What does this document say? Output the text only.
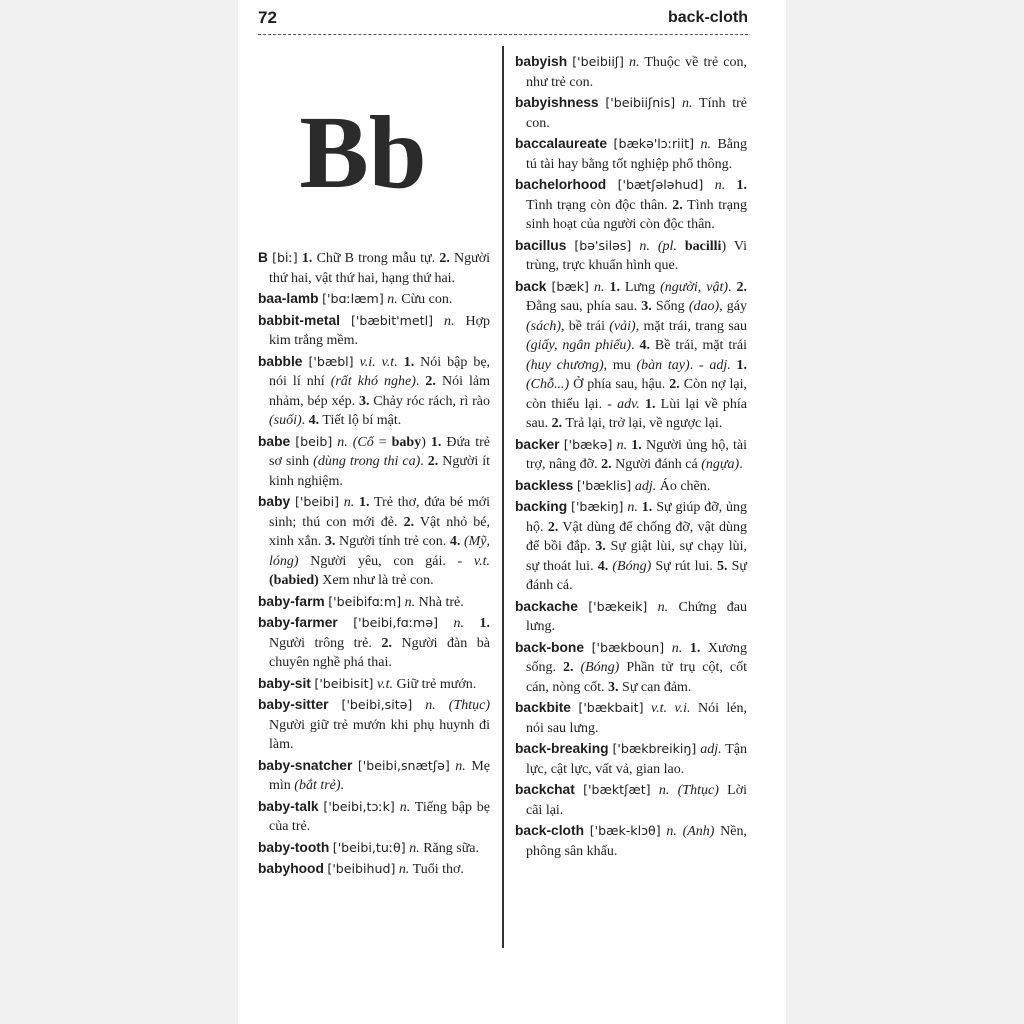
72	back-cloth
Bb
B [biː] 1. Chữ B trong mẫu tự. 2. Người thứ hai, vật thứ hai, hạng thứ hai.
baa-lamb ['bɑːlæm] n. Cừu con.
babbit-metal ['bæbit'metl] n. Hợp kim trắng mềm.
babble ['bæbl] v.i. v.t. 1. Nói bập bẹ, nói lí nhí (rất khó nghe). 2. Nói lảm nhảm, bép xép. 3. Chảy róc rách, rì rào (suối). 4. Tiết lộ bí mật.
babe [beib] n. (Cổ = baby) 1. Đứa trẻ sơ sinh (dùng trong thi ca). 2. Người ít kinh nghiệm.
baby ['beibi] n. 1. Trẻ thơ, đứa bé mới sinh; thú con mới đẻ. 2. Vật nhỏ bé, xinh xắn. 3. Người tính trẻ con. 4. (Mỹ, lóng) Người yêu, con gái. - v.t. (babied) Xem như là trẻ con.
baby-farm ['beibifɑːm] n. Nhà trẻ.
baby-farmer ['beibi,fɑːmə] n. 1. Người trông trẻ. 2. Người đàn bà chuyên nghề phá thai.
baby-sit ['beibisit] v.t. Giữ trẻ mướn.
baby-sitter ['beibi,sitə] n. (Thtục) Người giữ trẻ mướn khi phụ huynh đi làm.
baby-snatcher ['beibi,snætʃə] n. Mẹ mìn (bắt trẻ).
baby-talk ['beibi,tɔːk] n. Tiếng bập bẹ của trẻ.
baby-tooth ['beibi,tuːθ] n. Răng sữa.
babyhood ['beibihud] n. Tuổi thơ.
babyish ['beibiiʃ] n. Thuộc về trẻ con, như trẻ con.
babyishness ['beibiiʃnis] n. Tính trẻ con.
baccalaureate [bækə'lɔːriit] n. Bằng tú tài hay bằng tốt nghiệp phổ thông.
bachelorhood ['bætʃələhud] n. 1. Tình trạng còn độc thân. 2. Tình trạng sinh hoạt của người còn độc thân.
bacillus [bə'siləs] n. (pl. bacilli) Vi trùng, trực khuẩn hình que.
back [bæk] n. 1. Lưng (người, vật). 2. Đằng sau, phía sau. 3. Sống (dao), gáy (sách), bề trái (vải), mặt trái, trang sau (giấy, ngân phiếu). 4. Bề trái, mặt trái (huy chương), mu (bàn tay). - adj. 1. (Chỗ...) Ở phía sau, hậu. 2. Còn nợ lại, còn thiếu lại. - adv. 1. Lùi lại về phía sau. 2. Trả lại, trở lại, về ngược lại.
backer ['bækə] n. 1. Người ủng hộ, tài trợ, nâng đỡ. 2. Người đánh cá (ngựa).
backless ['bæklis] adj. Áo chẽn.
backing ['bækiŋ] n. 1. Sự giúp đỡ, ủng hộ. 2. Vật dùng để chống đỡ, vật dùng để bồi đắp. 3. Sự giật lùi, sự chạy lùi, sự thoát lui. 4. (Bóng) Sự rút lui. 5. Sự đánh cá.
backache ['bækeik] n. Chứng đau lưng.
back-bone ['bækboun] n. 1. Xương sống. 2. (Bóng) Phần tử trụ cột, cốt cán, nòng cốt. 3. Sự can đảm.
backbite ['bækbait] v.t. v.i. Nói lén, nói sau lưng.
back-breaking ['bækbreikiŋ] adj. Tận lực, cật lực, vất vả, gian lao.
backchat ['bæktʃæt] n. (Thtục) Lời cãi lại.
back-cloth ['bæk-klɔθ] n. (Anh) Nền, phông sân khấu.
